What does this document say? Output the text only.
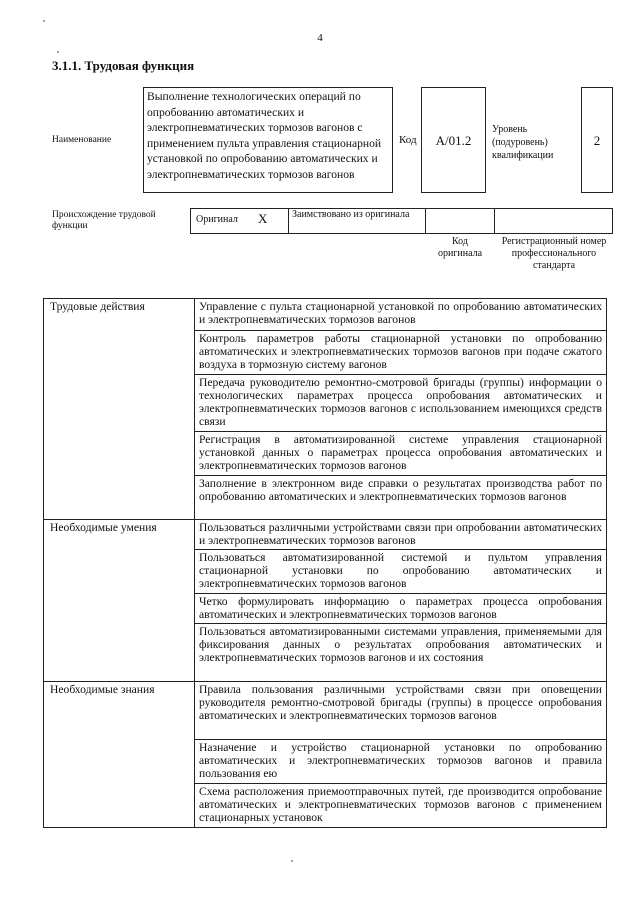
4
3.1.1. Трудовая функция
Наименование
Выполнение технологических операций по опробованию автоматических и электропневматических тормозов вагонов с применением пульта управления стационарной установкой по опробованию автоматических и электропневматических тормозов вагонов
Код	А/01.2
Уровень (подуровень) квалификации
2
Происхождение трудовой функции
Оригинал X Заимствовано из оригинала
Код оригинала
Регистрационный номер профессионального стандарта
Трудовые действия	Управление с пульта стационарной установкой по опробованию автоматических и электропневматических тормозов вагонов
	Контроль параметров работы стационарной установки по опробованию автоматических и электропневматических тормозов вагонов при подаче сжатого воздуха в тормозную систему вагонов
	Передача руководителю ремонтно-смотровой бригады (группы) информации о технологических параметрах процесса опробования автоматических и электропневматических тормозов вагонов с использованием имеющихся средств связи
	Регистрация в автоматизированной системе управления стационарной установкой данных о параметрах процесса опробования автоматических и электропневматических тормозов вагонов
	Заполнение в электронном виде справки о результатах производства работ по опробованию автоматических и электропневматических тормозов вагонов
Необходимые умения	Пользоваться различными устройствами связи при опробовании автоматических и электропневматических тормозов вагонов
	Пользоваться автоматизированной системой и пультом управления стационарной установки по опробованию автоматических и электропневматических тормозов вагонов
	Четко формулировать информацию о параметрах процесса опробования автоматических и электропневматических тормозов вагонов
	Пользоваться автоматизированными системами управления, применяемыми для фиксирования данных о результатах опробования автоматических и электропневматических тормозов вагонов и их состояния
Необходимые знания	Правила пользования различными устройствами связи при оповещении руководителя ремонтно-смотровой бригады (группы) в процессе опробования автоматических и электропневматических тормозов вагонов
	Назначение и устройство стационарной установки по опробованию автоматических и электропневматических тормозов вагонов и правила пользования ею
	Схема расположения приемоотправочных путей, где производится опробование автоматических и электропневматических тормозов вагонов с применением стационарных установок
